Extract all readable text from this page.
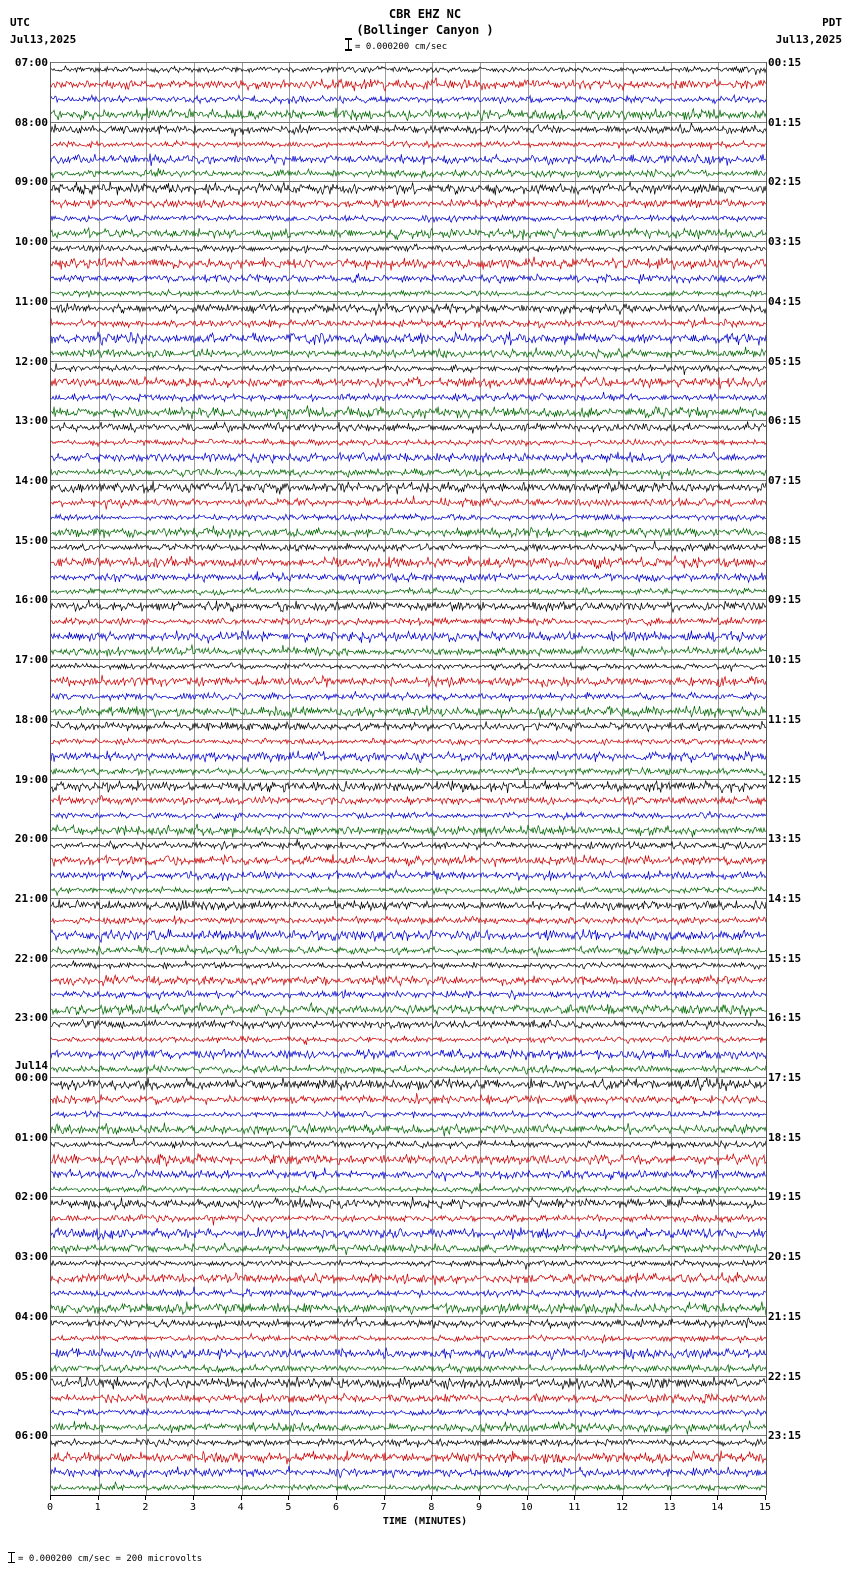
UTC
Jul13,2025
CBR EHZ NC
(Bollinger Canyon )
= 0.000200 cm/sec
PDT
Jul13,2025
0	1	2	3	4	5	6	7	8	9	10	11	12	13	14	15
TIME (MINUTES)
= 0.000200 cm/sec = 200 microvolts
07:00	00:15
08:00	01:15
09:00	02:15
10:00	03:15
11:00	04:15
12:00	05:15
13:00	06:15
14:00	07:15
15:00	08:15
16:00	09:15
17:00	10:15
18:00	11:15
19:00	12:15
20:00	13:15
21:00	14:15
22:00	15:15
23:00	16:15
00:00
Jul14
17:15
01:00	18:15
02:00	19:15
03:00	20:15
04:00	21:15
05:00	22:15
06:00	23:15
